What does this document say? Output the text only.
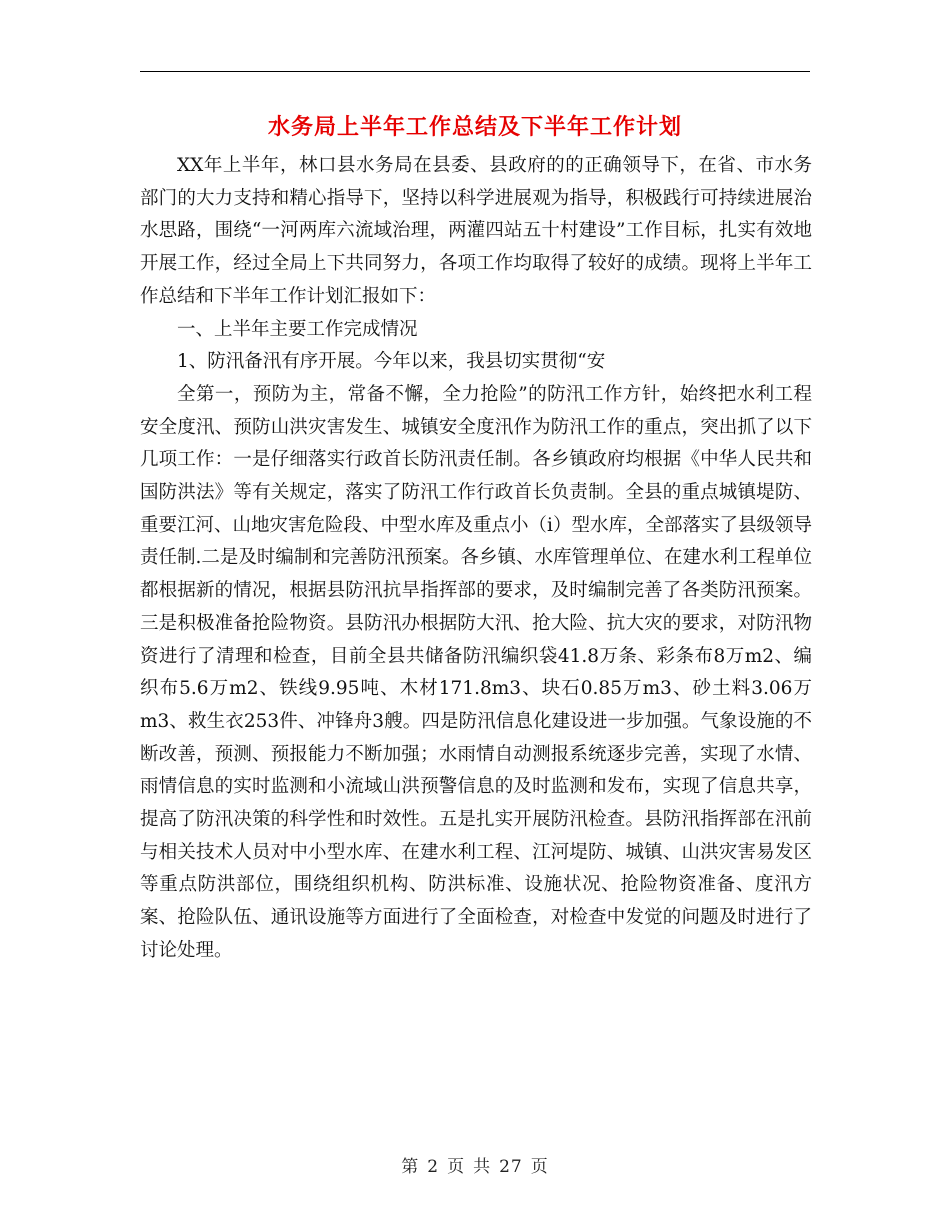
水务局上半年工作总结及下半年工作计划

XX年上半年，林口县水务局在县委、县政府的的正确领导下，在省、市水务部门的大力支持和精心指导下，坚持以科学进展观为指导，积极践行可持续进展治水思路，围绕“一河两库六流域治理，两灌四站五十村建设”工作目标，扎实有效地开展工作，经过全局上下共同努力，各项工作均取得了较好的成绩。现将上半年工作总结和下半年工作计划汇报如下：

一、上半年主要工作完成情况

1、防汛备汛有序开展。今年以来，我县切实贯彻“安

全第一，预防为主，常备不懈，全力抢险”的防汛工作方针，始终把水利工程安全度汛、预防山洪灾害发生、城镇安全度汛作为防汛工作的重点，突出抓了以下几项工作：一是仔细落实行政首长防汛责任制。各乡镇政府均根据《中华人民共和国防洪法》等有关规定，落实了防汛工作行政首长负责制。全县的重点城镇堤防、重要江河、山地灾害危险段、中型水库及重点小（i）型水库，全部落实了县级领导责任制.二是及时编制和完善防汛预案。各乡镇、水库管理单位、在建水利工程单位都根据新的情况，根据县防汛抗旱指挥部的要求，及时编制完善了各类防汛预案。三是积极准备抢险物资。县防汛办根据防大汛、抢大险、抗大灾的要求，对防汛物资进行了清理和检查，目前全县共储备防汛编织袋41.8万条、彩条布8万m2、编织布5.6万m2、铁线9.95吨、木材171.8m3、块石0.85万m3、砂土料3.06万m3、救生衣253件、冲锋舟3艘。四是防汛信息化建设进一步加强。气象设施的不断改善，预测、预报能力不断加强；水雨情自动测报系统逐步完善，实现了水情、雨情信息的实时监测和小流域山洪预警信息的及时监测和发布，实现了信息共享，提高了防汛决策的科学性和时效性。五是扎实开展防汛检查。县防汛指挥部在汛前与相关技术人员对中小型水库、在建水利工程、江河堤防、城镇、山洪灾害易发区等重点防洪部位，围绕组织机构、防洪标准、设施状况、抢险物资准备、度汛方案、抢险队伍、通讯设施等方面进行了全面检查，对检查中发觉的问题及时进行了讨论处理。

第 2 页 共 27 页
